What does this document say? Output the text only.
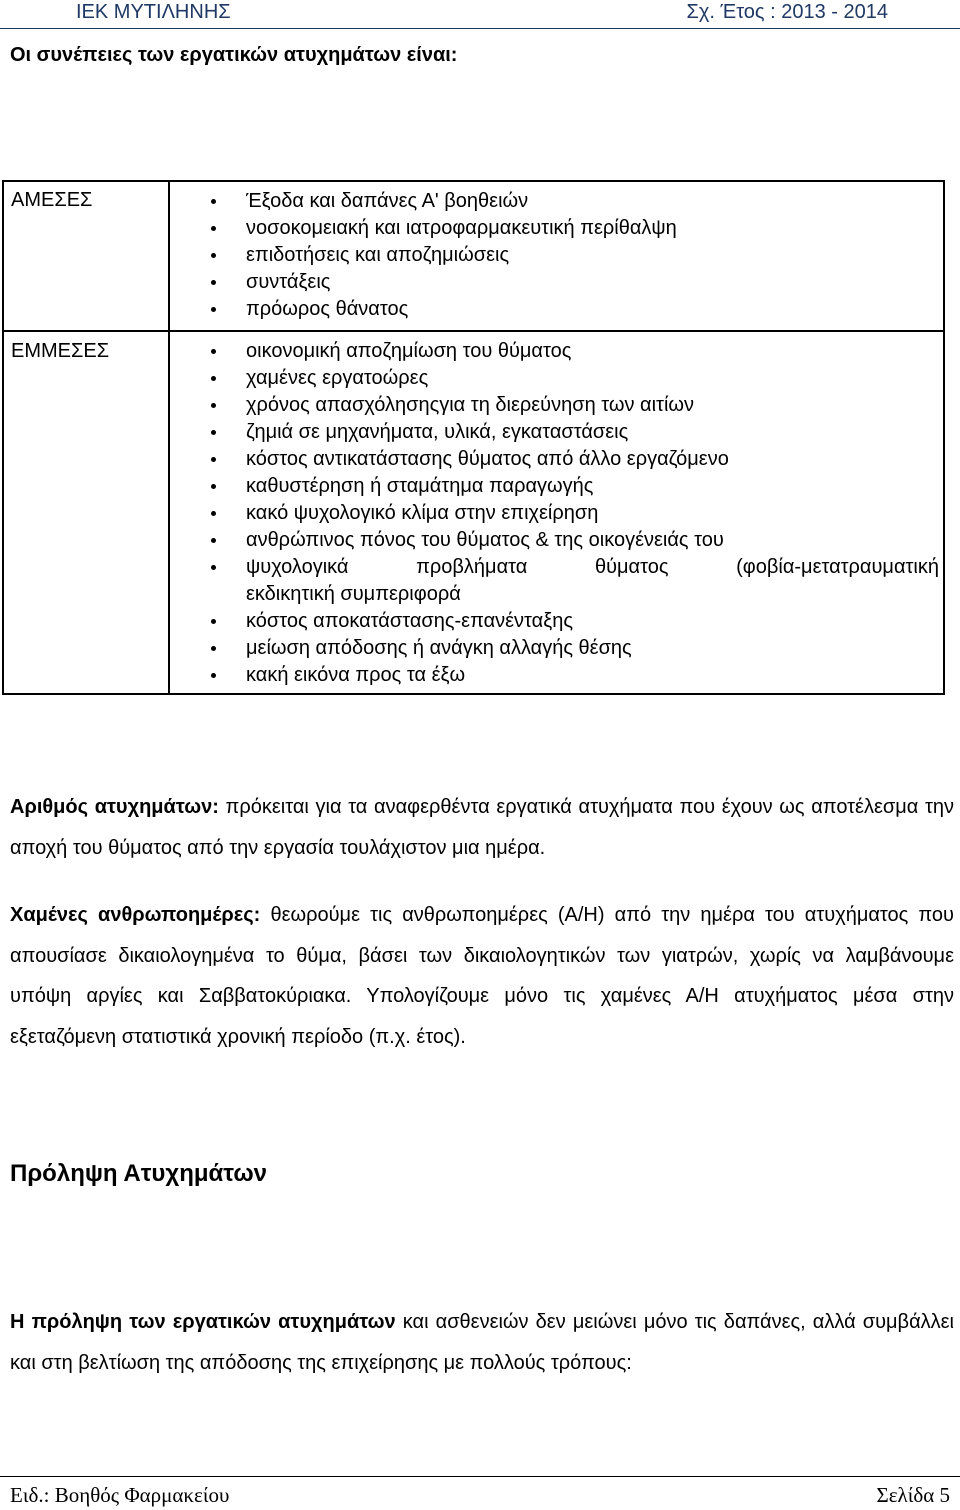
ΙΕΚ ΜΥΤΙΛΗΝΗΣ	Σχ. Έτος : 2013 - 2014
Οι συνέπειες των εργατικών ατυχημάτων είναι:
ΑΜΕΣΕΣ	Έξοδα και δαπάνες Α' βοηθειών
νοσοκομειακή και ιατροφαρμακευτική περίθαλψη
επιδοτήσεις και αποζημιώσεις
συντάξεις
πρόωρος θάνατος
ΕΜΜΕΣΕΣ	οικονομική αποζημίωση του θύματος
χαμένες εργατοώρες
χρόνος απασχόλησηςγια τη διερεύνηση των αιτίων
ζημιά σε μηχανήματα, υλικά, εγκαταστάσεις
κόστος αντικατάστασης θύματος από άλλο εργαζόμενο
καθυστέρηση ή σταμάτημα παραγωγής
κακό ψυχολογικό κλίμα στην επιχείρηση
ανθρώπινος πόνος του θύματος & της οικογένειάς του
ψυχολογικά προβλήματα θύματος (φοβία-μετατραυματική
εκδικητική συμπεριφορά
κόστος αποκατάστασης-επανένταξης
μείωση απόδοσης ή ανάγκη αλλαγής θέσης
κακή εικόνα προς τα έξω
Αριθμός ατυχημάτων: πρόκειται για τα αναφερθέντα εργατικά ατυχήματα που έχουν ως αποτέλεσμα την αποχή του θύματος από την εργασία τουλάχιστον μια ημέρα.
Χαμένες ανθρωποημέρες: θεωρούμε τις ανθρωποημέρες (Α/Η) από την ημέρα του ατυχήματος που απουσίασε δικαιολογημένα το θύμα, βάσει των δικαιολογητικών των γιατρών, χωρίς να λαμβάνουμε υπόψη αργίες και Σαββατοκύριακα. Υπολογίζουμε μόνο τις χαμένες Α/Η ατυχήματος μέσα στην εξεταζόμενη στατιστικά χρονική περίοδο (π.χ. έτος).
Πρόληψη Ατυχημάτων
Η πρόληψη των εργατικών ατυχημάτων και ασθενειών δεν μειώνει μόνο τις δαπάνες, αλλά συμβάλλει και στη βελτίωση της απόδοσης της επιχείρησης με πολλούς τρόπους:
Ειδ.: Βοηθός Φαρμακείου	Σελίδα 5
